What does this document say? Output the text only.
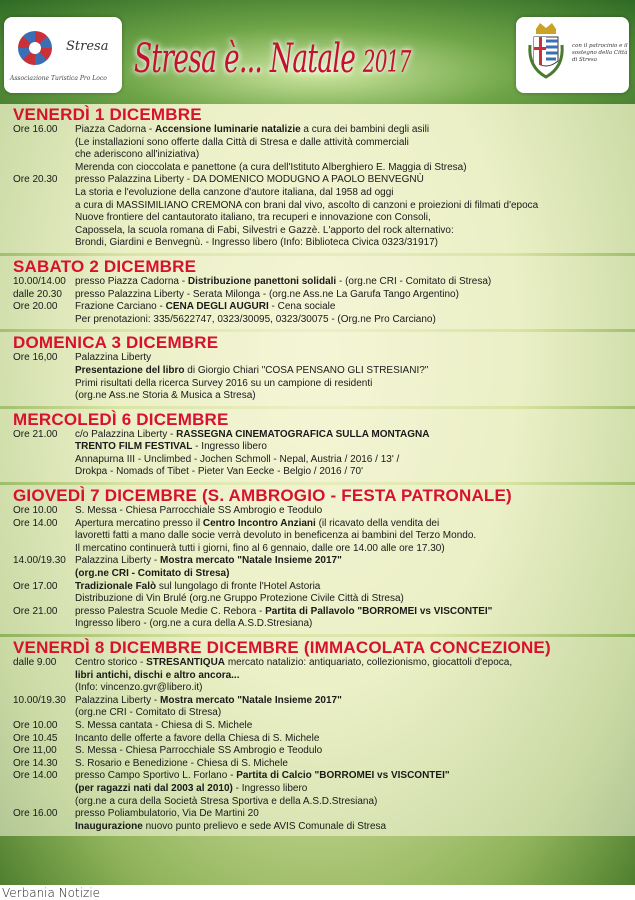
Stresa
Associazione Turistica Pro Loco
con il patrocinio e il sostegno della Città di Stresa
Stresa è... Natale 2017
VENERDÌ 1 DICEMBRE
Ore 16.00	Piazza Cadorna - Accensione luminarie natalizie a cura dei bambini degli asili
(Le installazioni sono offerte dalla Città di Stresa e dalle attività commerciali
che aderiscono all'iniziativa)
Merenda con cioccolata e panettone (a cura dell'Istituto Alberghiero E. Maggia di Stresa)
Ore 20.30	presso Palazzina Liberty - DA DOMENICO MODUGNO A PAOLO BENVEGNÙ
La storia e l'evoluzione della canzone d'autore italiana, dal 1958 ad oggi
a cura di MASSIMILIANO CREMONA con brani dal vivo, ascolto di canzoni e proiezioni di filmati d'epoca
Nuove frontiere del cantautorato italiano, tra recuperi e innovazione con Consoli,
Capossela, la scuola romana di Fabi, Silvestri e Gazzè. L'apporto del rock alternativo:
Brondi, Giardini e Benvegnù. - Ingresso libero (Info: Biblioteca Civica 0323/31917)
SABATO 2 DICEMBRE
10.00/14.00 presso Piazza Cadorna - Distribuzione panettoni solidali - (org.ne CRI - Comitato di Stresa)
dalle 20.30	presso Palazzina Liberty - Serata Milonga - (org.ne Ass.ne La Garufa Tango Argentino)
Ore 20.00	Frazione Carciano - CENA DEGLI AUGURI - Cena sociale
Per prenotazioni: 335/5622747, 0323/30095, 0323/30075 - (Org.ne Pro Carciano)
DOMENICA 3 DICEMBRE
Ore 16,00	Palazzina Liberty
Presentazione del libro di Giorgio Chiari "COSA PENSANO GLI STRESIANI?"
Primi risultati della ricerca Survey 2016 su un campione di residenti
(org.ne Ass.ne Storia & Musica a Stresa)
MERCOLEDÌ 6 DICEMBRE
Ore 21.00	c/o Palazzina Liberty - RASSEGNA CINEMATOGRAFICA SULLA MONTAGNA
TRENTO FILM FESTIVAL - Ingresso libero
Annapurna III - Unclimbed - Jochen Schmoll - Nepal, Austria / 2016 / 13' /
Drokpa - Nomads of Tibet - Pieter Van Eecke - Belgio / 2016 / 70'
GIOVEDÌ 7 DICEMBRE (S. AMBROGIO - FESTA PATRONALE)
Ore 10.00	S. Messa - Chiesa Parrocchiale SS Ambrogio e Teodulo
Ore 14.00	Apertura mercatino presso il Centro Incontro Anziani (il ricavato della vendita dei
lavoretti fatti a mano dalle socie verrà devoluto in beneficenza ai bambini del Terzo Mondo.
Il mercatino continuerà tutti i giorni, fino al 6 gennaio, dalle ore 14.00 alle ore 17.30)
14.00/19.30 Palazzina Liberty - Mostra mercato "Natale Insieme 2017"
(org.ne CRI - Comitato di Stresa)
Ore 17.00	Tradizionale Falò sul lungolago di fronte l'Hotel Astoria
Distribuzione di Vin Brulé (org.ne Gruppo Protezione Civile Città di Stresa)
Ore 21.00	presso Palestra Scuole Medie C. Rebora - Partita di Pallavolo "BORROMEI vs VISCONTEI"
Ingresso libero - (org.ne a cura della A.S.D.Stresiana)
VENERDÌ 8 DICEMBRE DICEMBRE (IMMACOLATA CONCEZIONE)
dalle 9.00	Centro storico - STRESANTIQUA mercato natalizio: antiquariato, collezionismo, giocattoli d'epoca,
libri antichi, dischi e altro ancora...
(Info: vincenzo.gvr@libero.it)
10.00/19.30 Palazzina Liberty - Mostra mercato "Natale Insieme 2017"
(org.ne CRI - Comitato di Stresa)
Ore 10.00	S. Messa cantata - Chiesa di S. Michele
Ore 10.45	Incanto delle offerte a favore della Chiesa di S. Michele
Ore 11,00	S. Messa - Chiesa Parrocchiale SS Ambrogio e Teodulo
Ore 14.30	S. Rosario e Benedizione - Chiesa di S. Michele
Ore 14.00	presso Campo Sportivo L. Forlano - Partita di Calcio "BORROMEI vs VISCONTEI"
(per ragazzi nati dal 2003 al 2010) - Ingresso libero
(org.ne a cura della Società Stresa Sportiva e della A.S.D.Stresiana)
Ore 16.00	presso Poliambulatorio, Via De Martini 20
Inaugurazione nuovo punto prelievo e sede AVIS Comunale di Stresa
Verbania Notizie
